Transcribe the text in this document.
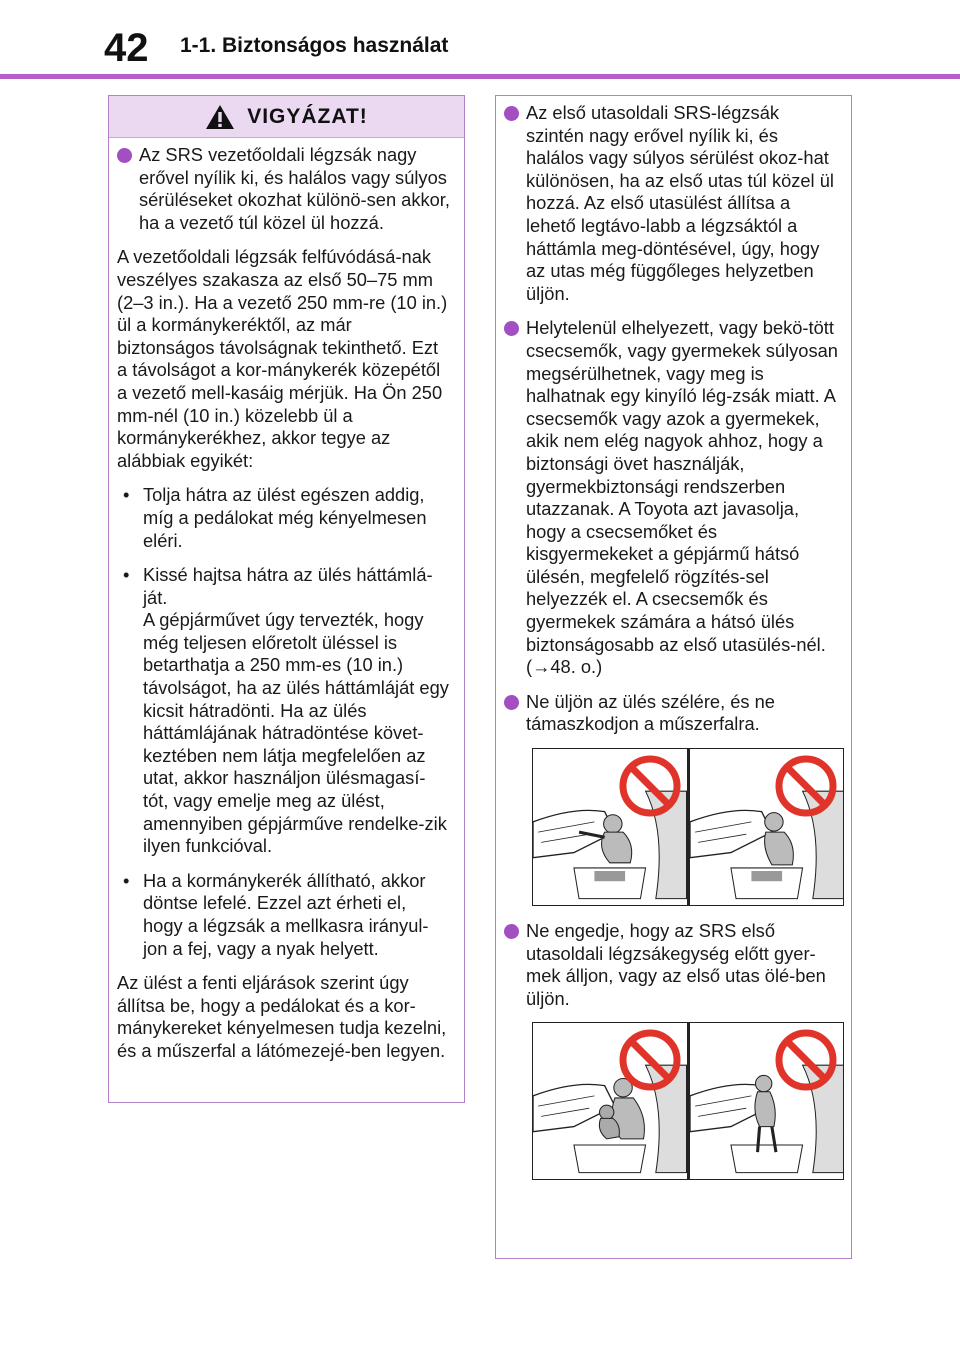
42 1-1. Biztonságos használat
VIGYÁZAT!
Az SRS vezetőoldali légzsák nagy erővel nyílik ki, és halálos vagy súlyos sérüléseket okozhat különö-sen akkor, ha a vezető túl közel ül hozzá.

A vezetőoldali légzsák felfúvódásá-nak veszélyes szakasza az első 50–75 mm (2–3 in.). Ha a vezető 250 mm-re (10 in.) ül a kormánykeréktől, az már biztonságos távolságnak tekinthető. Ezt a távolságot a kor-mánykerék közepétől a vezető mell-kasáig mérjük. Ha Ön 250 mm-nél (10 in.) közelebb ül a kormánykerékhez, akkor tegye az alábbiak egyikét:

• Tolja hátra az ülést egészen addig, míg a pedálokat még kényelmesen eléri.
• Kissé hajtsa hátra az ülés háttámlá-ját.
A gépjárművet úgy tervezték, hogy még teljesen előretolt üléssel is betarthatja a 250 mm-es (10 in.) távolságot, ha az ülés háttámláját egy kicsit hátradönti. Ha az ülés háttámlájának hátradöntése követ-keztében nem látja megfelelően az utat, akkor használjon ülésmagasí-tót, vagy emelje meg az ülést, amennyiben gépjárműve rendelke-zik ilyen funkcióval.
• Ha a kormánykerék állítható, akkor döntse lefelé. Ezzel azt érheti el, hogy a légzsák a mellkasra irányul-jon a fej, vagy a nyak helyett.

Az ülést a fenti eljárások szerint úgy állítsa be, hogy a pedálokat és a kor-mánykereket kényelmesen tudja kezelni, és a műszerfal a látómezejé-ben legyen.

Az első utasoldali SRS-légzsák szintén nagy erővel nyílik ki, és halálos vagy súlyos sérülést okoz-hat különösen, ha az első utas túl közel ül hozzá. Az első utasülést állítsa a lehető legtávo-labb a légzsáktól a háttámla meg-döntésével, úgy, hogy az utas még függőleges helyzetben üljön.
Helytelenül elhelyezett, vagy bekö-tött csecsemők, vagy gyermekek súlyosan megsérülhetnek, vagy meg is halhatnak egy kinyíló lég-zsák miatt. A csecsemők vagy azok a gyermekek, akik nem elég nagyok ahhoz, hogy a biztonsági övet használják, gyermekbiztonsági rendszerben utazzanak. A Toyota azt javasolja, hogy a csecsemőket és kisgyermekeket a gépjármű hátsó ülésén, megfelelő rögzítés-sel helyezzék el. A csecsemők és gyermekek számára a hátsó ülés biztonságosabb az első utasülés-nél. (→48. o.)
Ne üljön az ülés szélére, és ne támaszkodjon a műszerfalra.
Ne engedje, hogy az SRS első utasoldali légzsákegység előtt gyer-mek álljon, vagy az első utas ölé-ben üljön.
